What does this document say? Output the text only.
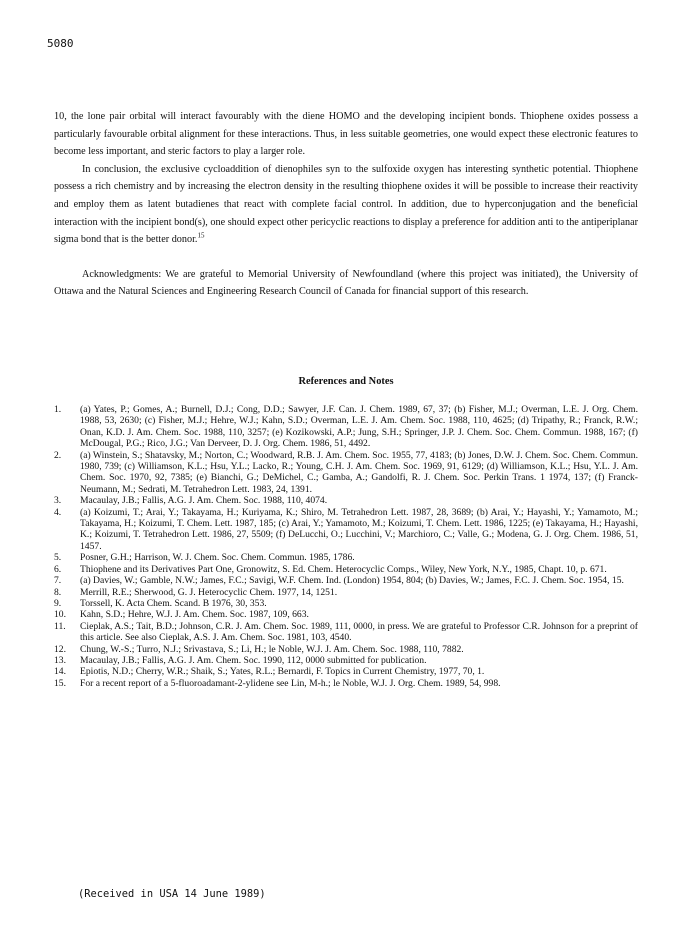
5080

10, the lone pair orbital will interact favourably with the diene HOMO and the developing incipient bonds. Thiophene oxides possess a particularly favourable orbital alignment for these interactions. Thus, in less suitable geometries, one would expect these electronic features to become less important, and steric factors to play a larger role.

In conclusion, the exclusive cycloaddition of dienophiles syn to the sulfoxide oxygen has interesting synthetic potential. Thiophene possess a rich chemistry and by increasing the electron density in the resulting thiophene oxides it will be possible to increase their reactivity and employ them as latent butadienes that react with complete facial control. In addition, due to hyperconjugation and the beneficial interaction with the incipient bond(s), one should expect other pericyclic reactions to display a preference for addition anti to the antiperiplanar sigma bond that is the better donor.$^{15}$

Acknowledgments: We are grateful to Memorial University of Newfoundland (where this project was initiated), the University of Ottawa and the Natural Sciences and Engineering Research Council of Canada for financial support of this research.

References and Notes
1.	(a) Yates, P.; Gomes, A.; Burnell, D.J.; Cong, D.D.; Sawyer, J.F. Can. J. Chem. 1989, 67, 37; (b) Fisher, M.J.; Overman, L.E. J. Org. Chem. 1988, 53, 2630; (c) Fisher, M.J.; Hehre, W.J.; Kahn, S.D.; Overman, L.E. J. Am. Chem. Soc. 1988, 110, 4625; (d) Tripathy, R.; Franck, R.W.; Onan, K.D. J. Am. Chem. Soc. 1988, 110, 3257; (e) Kozikowski, A.P.; Jung, S.H.; Springer, J.P. J. Chem. Soc. Chem. Commun. 1988, 167; (f) McDougal, P.G.; Rico, J.G.; Van Derveer, D. J. Org. Chem. 1986, 51, 4492.
2.	(a) Winstein, S.; Shatavsky, M.; Norton, C.; Woodward, R.B. J. Am. Chem. Soc. 1955, 77, 4183; (b) Jones, D.W. J. Chem. Soc. Chem. Commun. 1980, 739; (c) Williamson, K.L.; Hsu, Y.L.; Lacko, R.; Young, C.H. J. Am. Chem. Soc. 1969, 91, 6129; (d) Williamson, K.L.; Hsu, Y.L. J. Am. Chem. Soc. 1970, 92, 7385; (e) Bianchi, G.; DeMichel, C.; Gamba, A.; Gandolfi, R. J. Chem. Soc. Perkin Trans. 1 1974, 137; (f) Franck-Neumann, M.; Sedrati, M. Tetrahedron Lett. 1983, 24, 1391.
3.	Macaulay, J.B.; Fallis, A.G. J. Am. Chem. Soc. 1988, 110, 4074.
4.	(a) Koizumi, T.; Arai, Y.; Takayama, H.; Kuriyama, K.; Shiro, M. Tetrahedron Lett. 1987, 28, 3689; (b) Arai, Y.; Hayashi, Y.; Yamamoto, M.; Takayama, H.; Koizumi, T. Chem. Lett. 1987, 185; (c) Arai, Y.; Yamamoto, M.; Koizumi, T. Chem. Lett. 1986, 1225; (e) Takayama, H.; Hayashi, K.; Koizumi, T. Tetrahedron Lett. 1986, 27, 5509; (f) DeLucchi, O.; Lucchini, V.; Marchioro, C.; Valle, G.; Modena, G. J. Org. Chem. 1986, 51, 1457.
5.	Posner, G.H.; Harrison, W. J. Chem. Soc. Chem. Commun. 1985, 1786.
6.	Thiophene and its Derivatives Part One, Gronowitz, S. Ed. Chem. Heterocyclic Comps., Wiley, New York, N.Y., 1985, Chapt. 10, p. 671.
7.	(a) Davies, W.; Gamble, N.W.; James, F.C.; Savigi, W.F. Chem. Ind. (London) 1954, 804; (b) Davies, W.; James, F.C. J. Chem. Soc. 1954, 15.
8.	Merrill, R.E.; Sherwood, G. J. Heterocyclic Chem. 1977, 14, 1251.
9.	Torssell, K. Acta Chem. Scand. B 1976, 30, 353.
10.	Kahn, S.D.; Hehre, W.J. J. Am. Chem. Soc. 1987, 109, 663.
11.	Cieplak, A.S.; Tait, B.D.; Johnson, C.R. J. Am. Chem. Soc. 1989, 111, 0000, in press. We are grateful to Professor C.R. Johnson for a preprint of this article. See also Cieplak, A.S. J. Am. Chem. Soc. 1981, 103, 4540.
12.	Chung, W.-S.; Turro, N.J.; Srivastava, S.; Li, H.; le Noble, W.J. J. Am. Chem. Soc. 1988, 110, 7882.
13.	Macaulay, J.B.; Fallis, A.G. J. Am. Chem. Soc. 1990, 112, 0000 submitted for publication.
14.	Epiotis, N.D.; Cherry, W.R.; Shaik, S.; Yates, R.L.; Bernardi, F. Topics in Current Chemistry, 1977, 70, 1.
15.	For a recent report of a 5-fluoroadamant-2-ylidene see Lin, M-h.; le Noble, W.J. J. Org. Chem. 1989, 54, 998.
(Received in USA 14 June 1989)
